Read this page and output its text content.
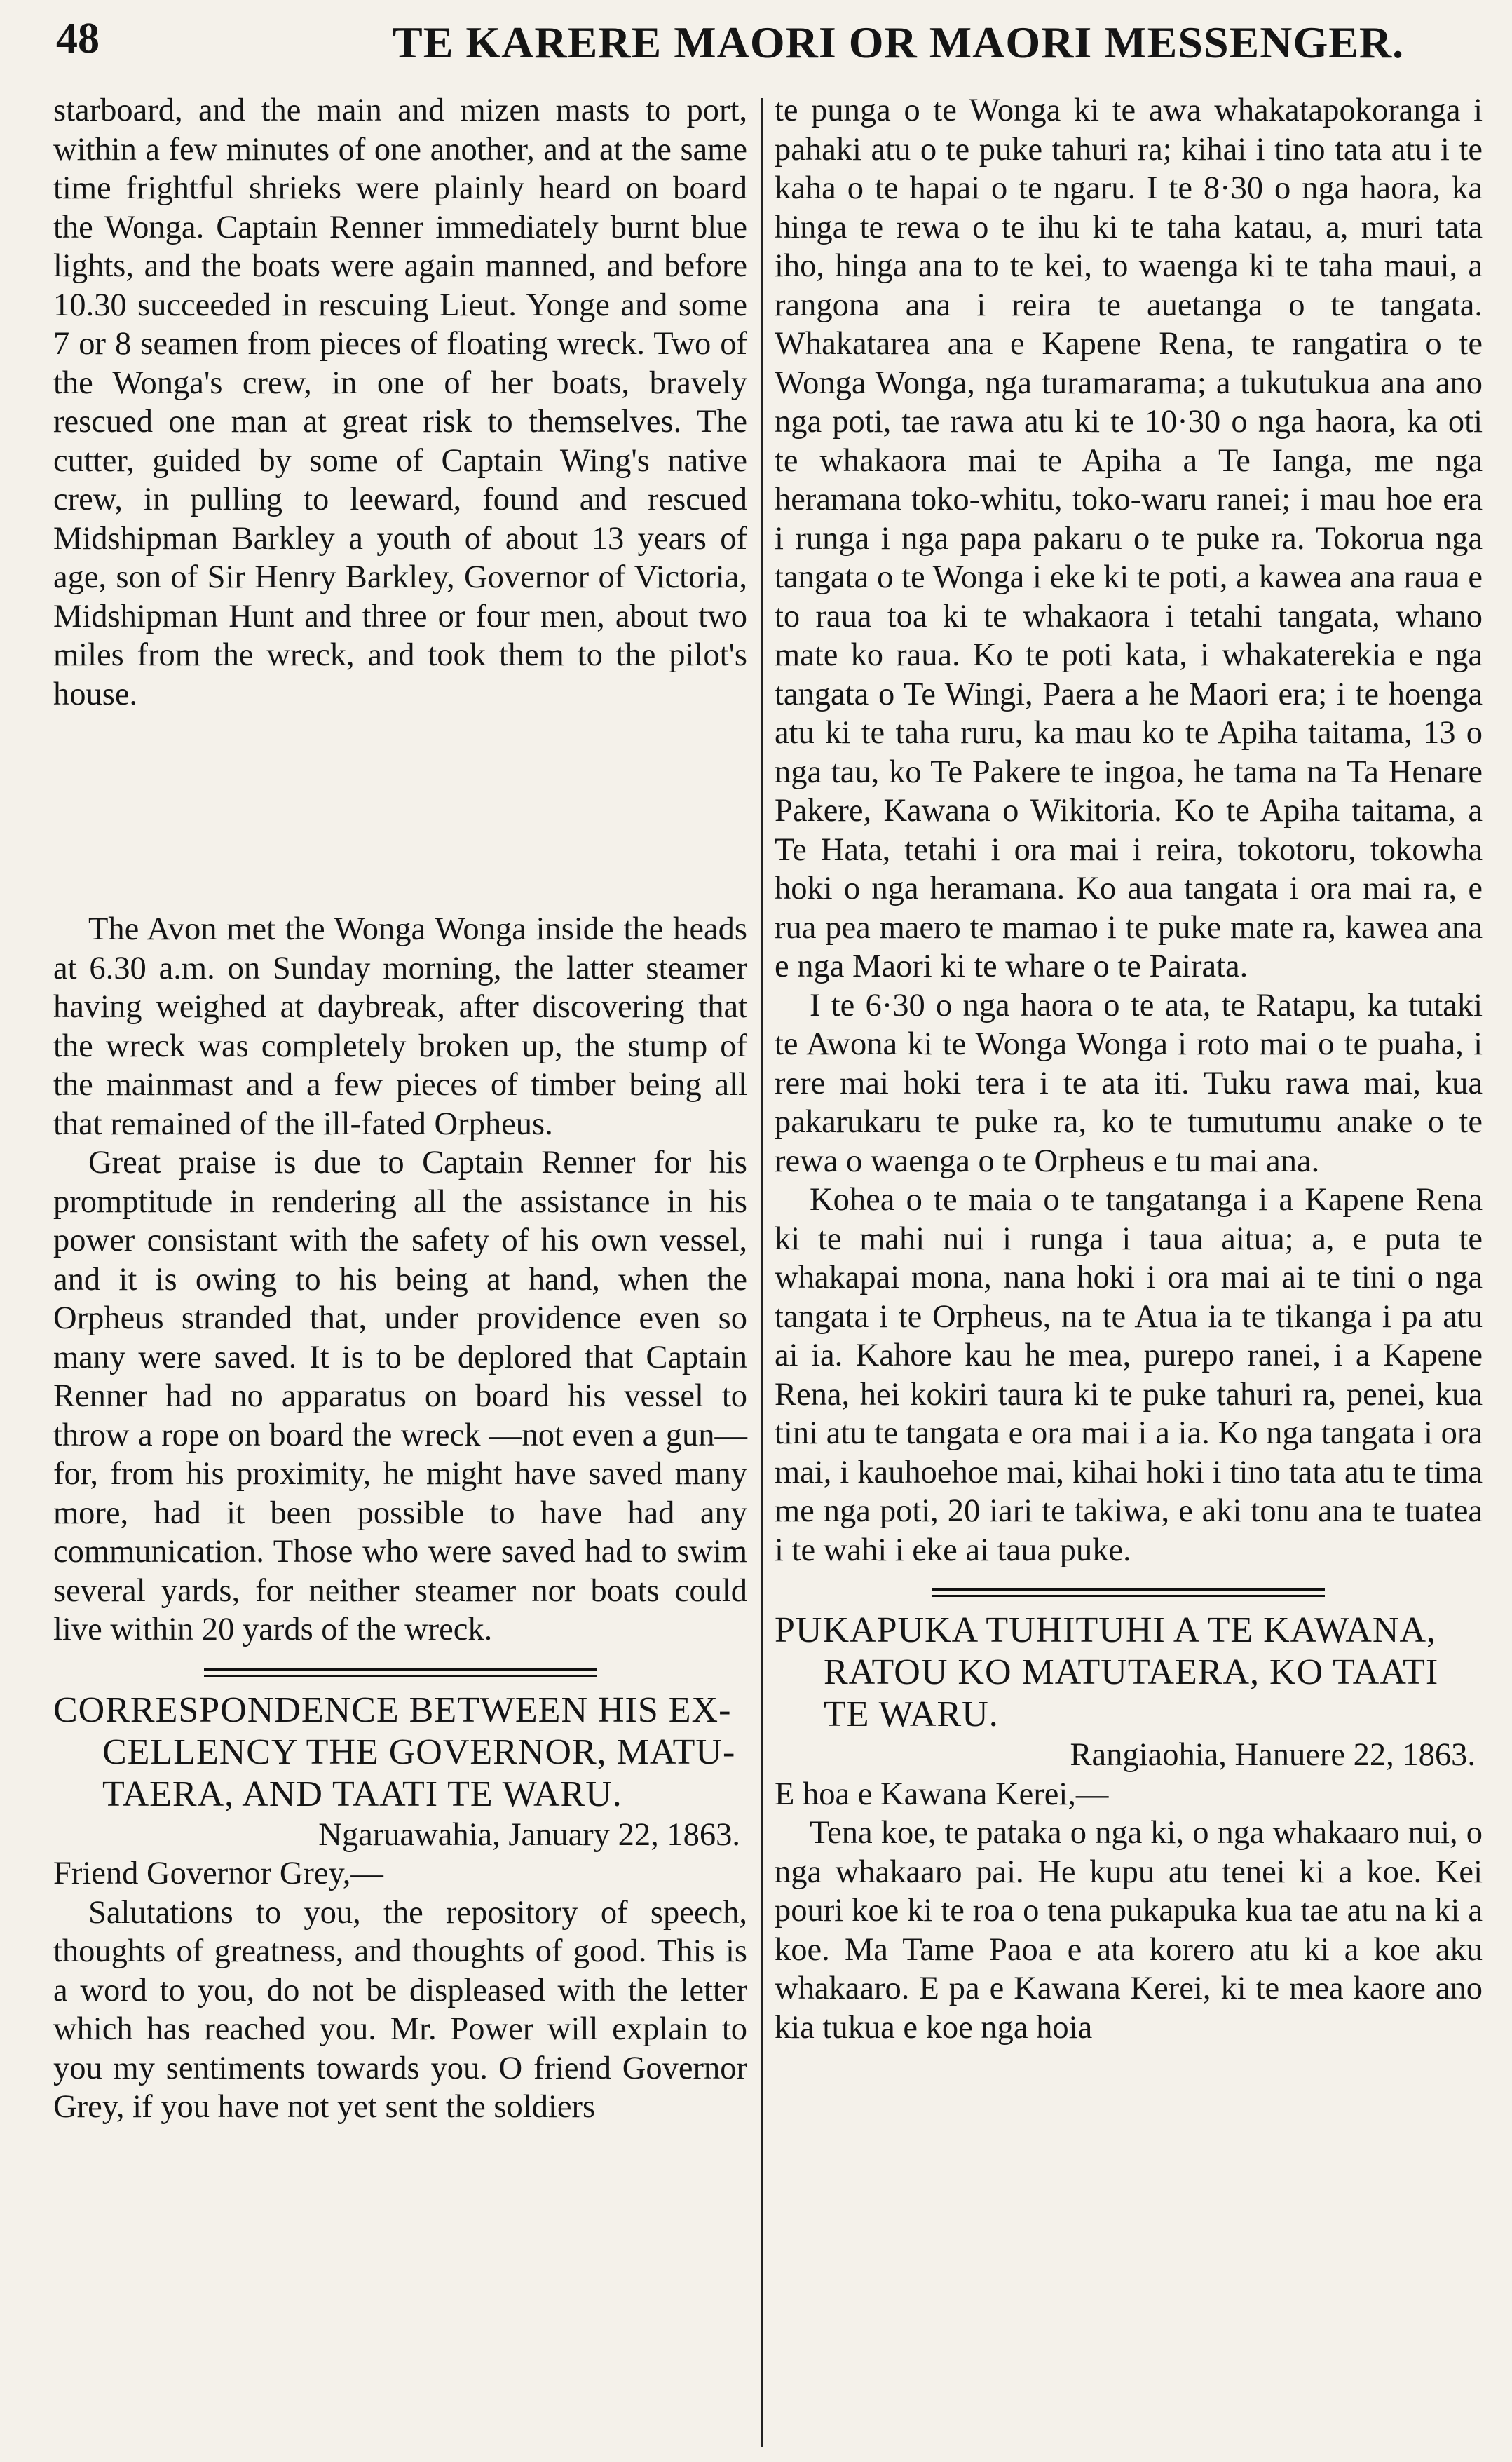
48	TE KARERE MAORI OR MAORI MESSENGER.

starboard, and the main and mizen masts to port, within a few minutes of one another, and at the same time frightful shrieks were plainly heard on board the Wonga. Captain Renner immediately burnt blue lights, and the boats were again manned, and before 10.30 succeeded in rescuing Lieut. Yonge and some 7 or 8 seamen from pieces of floating wreck. Two of the Wonga's crew, in one of her boats, bravely rescued one man at great risk to themselves. The cutter, guided by some of Captain Wing's native crew, in pulling to leeward, found and rescued Midshipman Barkley a youth of about 13 years of age, son of Sir Henry Barkley, Governor of Victoria, Midshipman Hunt and three or four men, about two miles from the wreck, and took them to the pilot's house.

The Avon met the Wonga Wonga inside the heads at 6.30 a.m. on Sunday morning, the latter steamer having weighed at daybreak, after discovering that the wreck was completely broken up, the stump of the mainmast and a few pieces of timber being all that remained of the ill-fated Orpheus.

Great praise is due to Captain Renner for his promptitude in rendering all the assistance in his power consistant with the safety of his own vessel, and it is owing to his being at hand, when the Orpheus stranded that, under providence even so many were saved. It is to be deplored that Captain Renner had no apparatus on board his vessel to throw a rope on board the wreck —not even a gun—for, from his proximity, he might have saved many more, had it been possible to have had any communication. Those who were saved had to swim several yards, for neither steamer nor boats could live within 20 yards of the wreck.

CORRESPONDENCE BETWEEN HIS EX-
CELLENCY THE GOVERNOR, MATU-
TAERA, AND TAATI TE WARU.

Ngaruawahia, January 22, 1863.

Friend Governor Grey,—

Salutations to you, the repository of speech, thoughts of greatness, and thoughts of good. This is a word to you, do not be displeased with the letter which has reached you. Mr. Power will explain to you my sentiments towards you. O friend Governor Grey, if you have not yet sent the soldiers

te punga o te Wonga ki te awa whakatapokoranga i pahaki atu o te puke tahuri ra; kihai i tino tata atu i te kaha o te hapai o te ngaru. I te 8·30 o nga haora, ka hinga te rewa o te ihu ki te taha katau, a, muri tata iho, hinga ana to te kei, to waenga ki te taha maui, a rangona ana i reira te auetanga o te tangata. Whakatarea ana e Kapene Rena, te rangatira o te Wonga Wonga, nga turamarama; a tukutukua ana ano nga poti, tae rawa atu ki te 10·30 o nga haora, ka oti te whakaora mai te Apiha a Te Ianga, me nga heramana toko-whitu, toko-waru ranei; i mau hoe era i runga i nga papa pakaru o te puke ra. Tokorua nga tangata o te Wonga i eke ki te poti, a kawea ana raua e to raua toa ki te whakaora i tetahi tangata, whano mate ko raua. Ko te poti kata, i whakaterekia e nga tangata o Te Wingi, Paera a he Maori era; i te hoenga atu ki te taha ruru, ka mau ko te Apiha taitama, 13 o nga tau, ko Te Pakere te ingoa, he tama na Ta Henare Pakere, Kawana o Wikitoria. Ko te Apiha taitama, a Te Hata, tetahi i ora mai i reira, tokotoru, tokowha hoki o nga heramana. Ko aua tangata i ora mai ra, e rua pea maero te mamao i te puke mate ra, kawea ana e nga Maori ki te whare o te Pairata.

I te 6·30 o nga haora o te ata, te Ratapu, ka tutaki te Awona ki te Wonga Wonga i roto mai o te puaha, i rere mai hoki tera i te ata iti. Tuku rawa mai, kua pakarukaru te puke ra, ko te tumutumu anake o te rewa o waenga o te Orpheus e tu mai ana.

Kohea o te maia o te tangatanga i a Kapene Rena ki te mahi nui i runga i taua aitua; a, e puta te whakapai mona, nana hoki i ora mai ai te tini o nga tangata i te Orpheus, na te Atua ia te tikanga i pa atu ai ia. Kahore kau he mea, purepo ranei, i a Kapene Rena, hei kokiri taura ki te puke tahuri ra, penei, kua tini atu te tangata e ora mai i a ia. Ko nga tangata i ora mai, i kauhoehoe mai, kihai hoki i tino tata atu te tima me nga poti, 20 iari te takiwa, e aki tonu ana te tuatea i te wahi i eke ai taua puke.

PUKAPUKA TUHITUHI A TE KAWANA,
RATOU KO MATUTAERA, KO TAATI
TE WARU.

Rangiaohia, Hanuere 22, 1863.

E hoa e Kawana Kerei,—

Tena koe, te pataka o nga ki, o nga whakaaro nui, o nga whakaaro pai. He kupu atu tenei ki a koe. Kei pouri koe ki te roa o tena pukapuka kua tae atu na ki a koe. Ma Tame Paoa e ata korero atu ki a koe aku whakaaro. E pa e Kawana Kerei, ki te mea kaore ano kia tukua e koe nga hoia
